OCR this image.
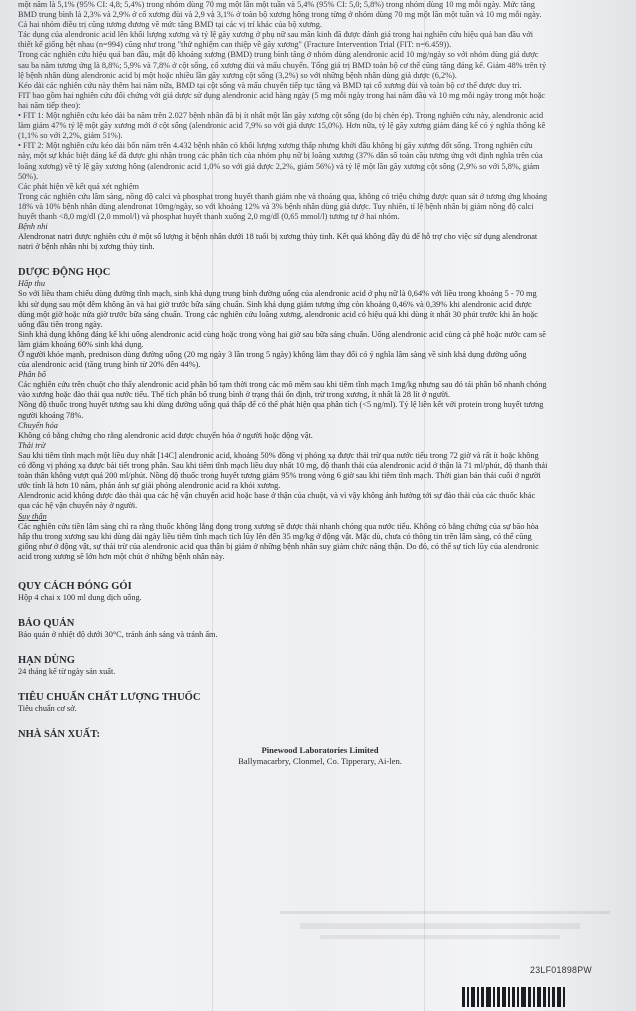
một năm là 5,1% (95% CI: 4,8; 5,4%) trong nhóm dùng 70 mg một lần một tuần và 5,4% (95% CI: 5,0; 5,8%) trong nhóm dùng 10 mg mỗi ngày. Mức tăng

BMD trung bình là 2,3% và 2,9% ở cổ xương đùi và 2,9 và 3,1% ở toàn bộ xương hông trong từng ở nhóm dùng 70 mg một lần một tuần và 10 mg mỗi ngày.

Cả hai nhóm điều trị cũng tương đương về mức tăng BMD tại các vị trí khác của bộ xương.

Tác dụng của alendronic acid lên khối lượng xương và tỷ lệ gãy xương ở phụ nữ sau mãn kinh đã được đánh giá trong hai nghiên cứu hiệu quả ban đầu với

thiết kế giống hệt nhau (n=994) cũng như trong "thử nghiệm can thiệp về gãy xương" (Fracture Intervention Trial (FIT: n=6.459)).

Trong các nghiên cứu hiệu quả ban đầu, mật độ khoáng xương (BMD) trung bình tăng ở nhóm dùng alendronic acid 10 mg/ngày so với nhóm dùng giả dược

sau ba năm tương ứng là 8,8%; 5,9% và 7,8% ở cột sống, cổ xương đùi và mấu chuyển. Tổng giá trị BMD toàn bộ cơ thể cũng tăng đáng kể. Giảm 48% trên tỷ

lệ bệnh nhân dùng alendronic acid bị một hoặc nhiều lần gãy xương cột sống (3,2%) so với những bệnh nhân dùng giả dược (6,2%).

Kéo dài các nghiên cứu này thêm hai năm nữa, BMD tại cột sống và mấu chuyển tiếp tục tăng và BMD tại cổ xương đùi và toàn bộ cơ thể được duy trì.

FIT bao gồm hai nghiên cứu đối chứng với giả dược sử dụng alendronic acid hàng ngày (5 mg mỗi ngày trong hai năm đầu và 10 mg mỗi ngày trong một hoặc

hai năm tiếp theo):

• FIT 1: Một nghiên cứu kéo dài ba năm trên 2.027 bệnh nhân đã bị ít nhất một lần gãy xương cột sống (do bị chèn ép). Trong nghiên cứu này, alendronic acid

làm giảm 47% tỷ lệ một gãy xương mới ở cột sống (alendronic acid 7,9% so với giả dược 15,0%). Hơn nữa, tỷ lệ gãy xương giảm đáng kể có ý nghĩa thống kê

(1,1% so với 2,2%, giảm 51%).

• FIT 2: Một nghiên cứu kéo dài bốn năm trên 4.432 bệnh nhân có khối lượng xương thấp nhưng khởi đầu không bị gãy xương đốt sống. Trong nghiên cứu

này, một sự khác biệt đáng kể đã được ghi nhận trong các phân tích của nhóm phụ nữ bị loãng xương (37% dân số toàn cầu tương ứng với định nghĩa trên của

loãng xương) về tỷ lệ gãy xương hông (alendronic acid 1,0% so với giả dược 2,2%, giảm 56%) và tỷ lệ một lần gãy xương cột sống (2,9% so với 5,8%, giảm

50%).

Các phát hiện về kết quả xét nghiệm

Trong các nghiên cứu lâm sàng, nồng độ calci và phosphat trong huyết thanh giảm nhẹ và thoáng qua, không có triệu chứng được quan sát ở tương ứng khoảng

18% và 10% bệnh nhân dùng alendronat 10mg/ngày, so với khoảng 12% và 3% bệnh nhân dùng giả dược. Tuy nhiên, tỉ lệ bệnh nhân bị giảm nồng độ calci

huyết thanh <8,0 mg/dl (2,0 mmol/l) và phosphat huyết thanh xuống 2,0 mg/dl (0,65 mmol/l) tương tự ở hai nhóm.

Bệnh nhi

Alendronat natri được nghiên cứu ở một số lượng ít bệnh nhân dưới 18 tuổi bị xương thủy tinh. Kết quả không đầy đủ để hỗ trợ cho việc sử dụng alendronat

natri ở bệnh nhân nhi bị xương thủy tinh.

DƯỢC ĐỘNG HỌC

Hấp thu

So với liều tham chiếu dùng đường tĩnh mạch, sinh khả dụng trung bình đường uống của alendronic acid ở phụ nữ là 0,64% với liều trong khoảng 5 - 70 mg

khi sử dụng sau một đêm không ăn và hai giờ trước bữa sáng chuẩn. Sinh khả dụng giảm tương ứng còn khoảng 0,46% và 0,39% khi alendronic acid được

dùng một giờ hoặc nửa giờ trước bữa sáng chuẩn. Trong các nghiên cứu loãng xương, alendronic acid có hiệu quả khi dùng ít nhất 30 phút trước khi ăn hoặc

uống đầu tiên trong ngày.

Sinh khả dụng không đáng kể khi uống alendronic acid cùng hoặc trong vòng hai giờ sau bữa sáng chuẩn. Uống alendronic acid cùng cà phê hoặc nước cam sẽ

làm giảm khoảng 60% sinh khả dụng.

Ở người khỏe mạnh, prednison dùng đường uống (20 mg ngày 3 lần trong 5 ngày) không làm thay đổi có ý nghĩa lâm sàng về sinh khả dụng đường uống

của alendronic acid (tăng trung bình từ 20% đến 44%).

Phân bố

Các nghiên cứu trên chuột cho thấy alendronic acid phân bố tạm thời trong các mô mềm sau khi tiêm tĩnh mạch 1mg/kg nhưng sau đó tái phân bố nhanh chóng

vào xương hoặc đào thải qua nước tiểu. Thể tích phân bố trung bình ở trạng thái ổn định, trừ trong xương, ít nhất là 28 lít ở người.

Nồng độ thuốc trong huyết tương sau khi dùng đường uống quá thấp để có thể phát hiện qua phân tích (<5 ng/ml). Tỷ lệ liên kết với protein trong huyết tương

người khoảng 78%.

Chuyển hóa

Không có bằng chứng cho rằng alendronic acid được chuyển hóa ở người hoặc động vật.

Thải trừ

Sau khi tiêm tĩnh mạch một liều duy nhất [14C] alendronic acid, khoảng 50% đồng vị phóng xạ được thải trừ qua nước tiểu trong 72 giờ và rất ít hoặc không

có đồng vị phóng xạ được bài tiết trong phân. Sau khi tiêm tĩnh mạch liều duy nhất 10 mg, độ thanh thải của alendronic acid ở thận là 71 ml/phút, độ thanh thải

toàn thân không vượt quá 200 ml/phút. Nồng độ thuốc trong huyết tương giảm 95% trong vòng 6 giờ sau khi tiêm tĩnh mạch. Thời gian bán thải cuối ở người

ước tính là hơn 10 năm, phản ánh sự giải phóng alendronic acid ra khỏi xương.

Alendronic acid không được đào thải qua các hệ vận chuyển acid hoặc base ở thận của chuột, và vì vậy không ảnh hưởng tới sự đào thải của các thuốc khác

qua các hệ vận chuyển này ở người.

Suy thận

Các nghiên cứu tiền lâm sàng chỉ ra rằng thuốc không lắng đọng trong xương sẽ được thải nhanh chóng qua nước tiểu. Không có bằng chứng của sự bão hòa

hấp thu trong xương sau khi dùng dài ngày liều tiêm tĩnh mạch tích lũy lên đến 35 mg/kg ở động vật. Mặc dù, chưa có thông tin trên lâm sàng, có thể cũng

giống như ở động vật, sự thải trừ của alendronic acid qua thận bị giảm ở những bệnh nhân suy giảm chức năng thận. Do đó, có thể sự tích lũy của alendronic

acid trong xương sẽ lớn hơn một chút ở những bệnh nhân này.

QUY CÁCH ĐÓNG GÓI

Hộp 4 chai x 100 ml dung dịch uống.

BẢO QUẢN

Bảo quản ở nhiệt độ dưới 30°C, tránh ánh sáng và tránh ẩm.

HẠN DÙNG

24 tháng kể từ ngày sản xuất.

TIÊU CHUẨN CHẤT LƯỢNG THUỐC

Tiêu chuẩn cơ sở.

NHÀ SẢN XUẤT:

Pinewood Laboratories Limited
Ballymacarbry, Clonmel, Co. Tipperary, Ai-len.
23LF01898PW
